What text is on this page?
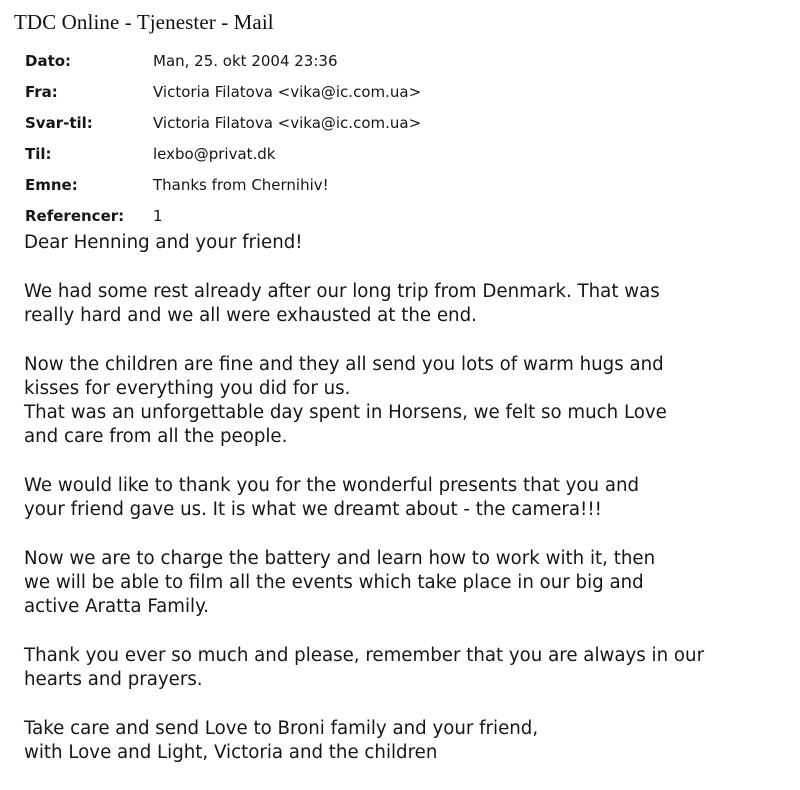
TDC Online - Tjenester - Mail
Dato:	Man, 25. okt 2004 23:36
Fra:	Victoria Filatova <vika@ic.com.ua>
Svar-til:	Victoria Filatova <vika@ic.com.ua>
Til:	lexbo@privat.dk
Emne:	Thanks from Chernihiv!
Referencer: 1
Dear Henning and your friend!
We had some rest already after our long trip from Denmark. That was
really hard and we all were exhausted at the end.
Now the children are fine and they all send you lots of warm hugs and
kisses for everything you did for us.
That was an unforgettable day spent in Horsens, we felt so much Love
and care from all the people.
We would like to thank you for the wonderful presents that you and
your friend gave us. It is what we dreamt about - the camera!!!
Now we are to charge the battery and learn how to work with it, then
we will be able to film all the events which take place in our big and
active Aratta Family.
Thank you ever so much and please, remember that you are always in our
hearts and prayers.
Take care and send Love to Broni family and your friend,
with Love and Light, Victoria and the children
